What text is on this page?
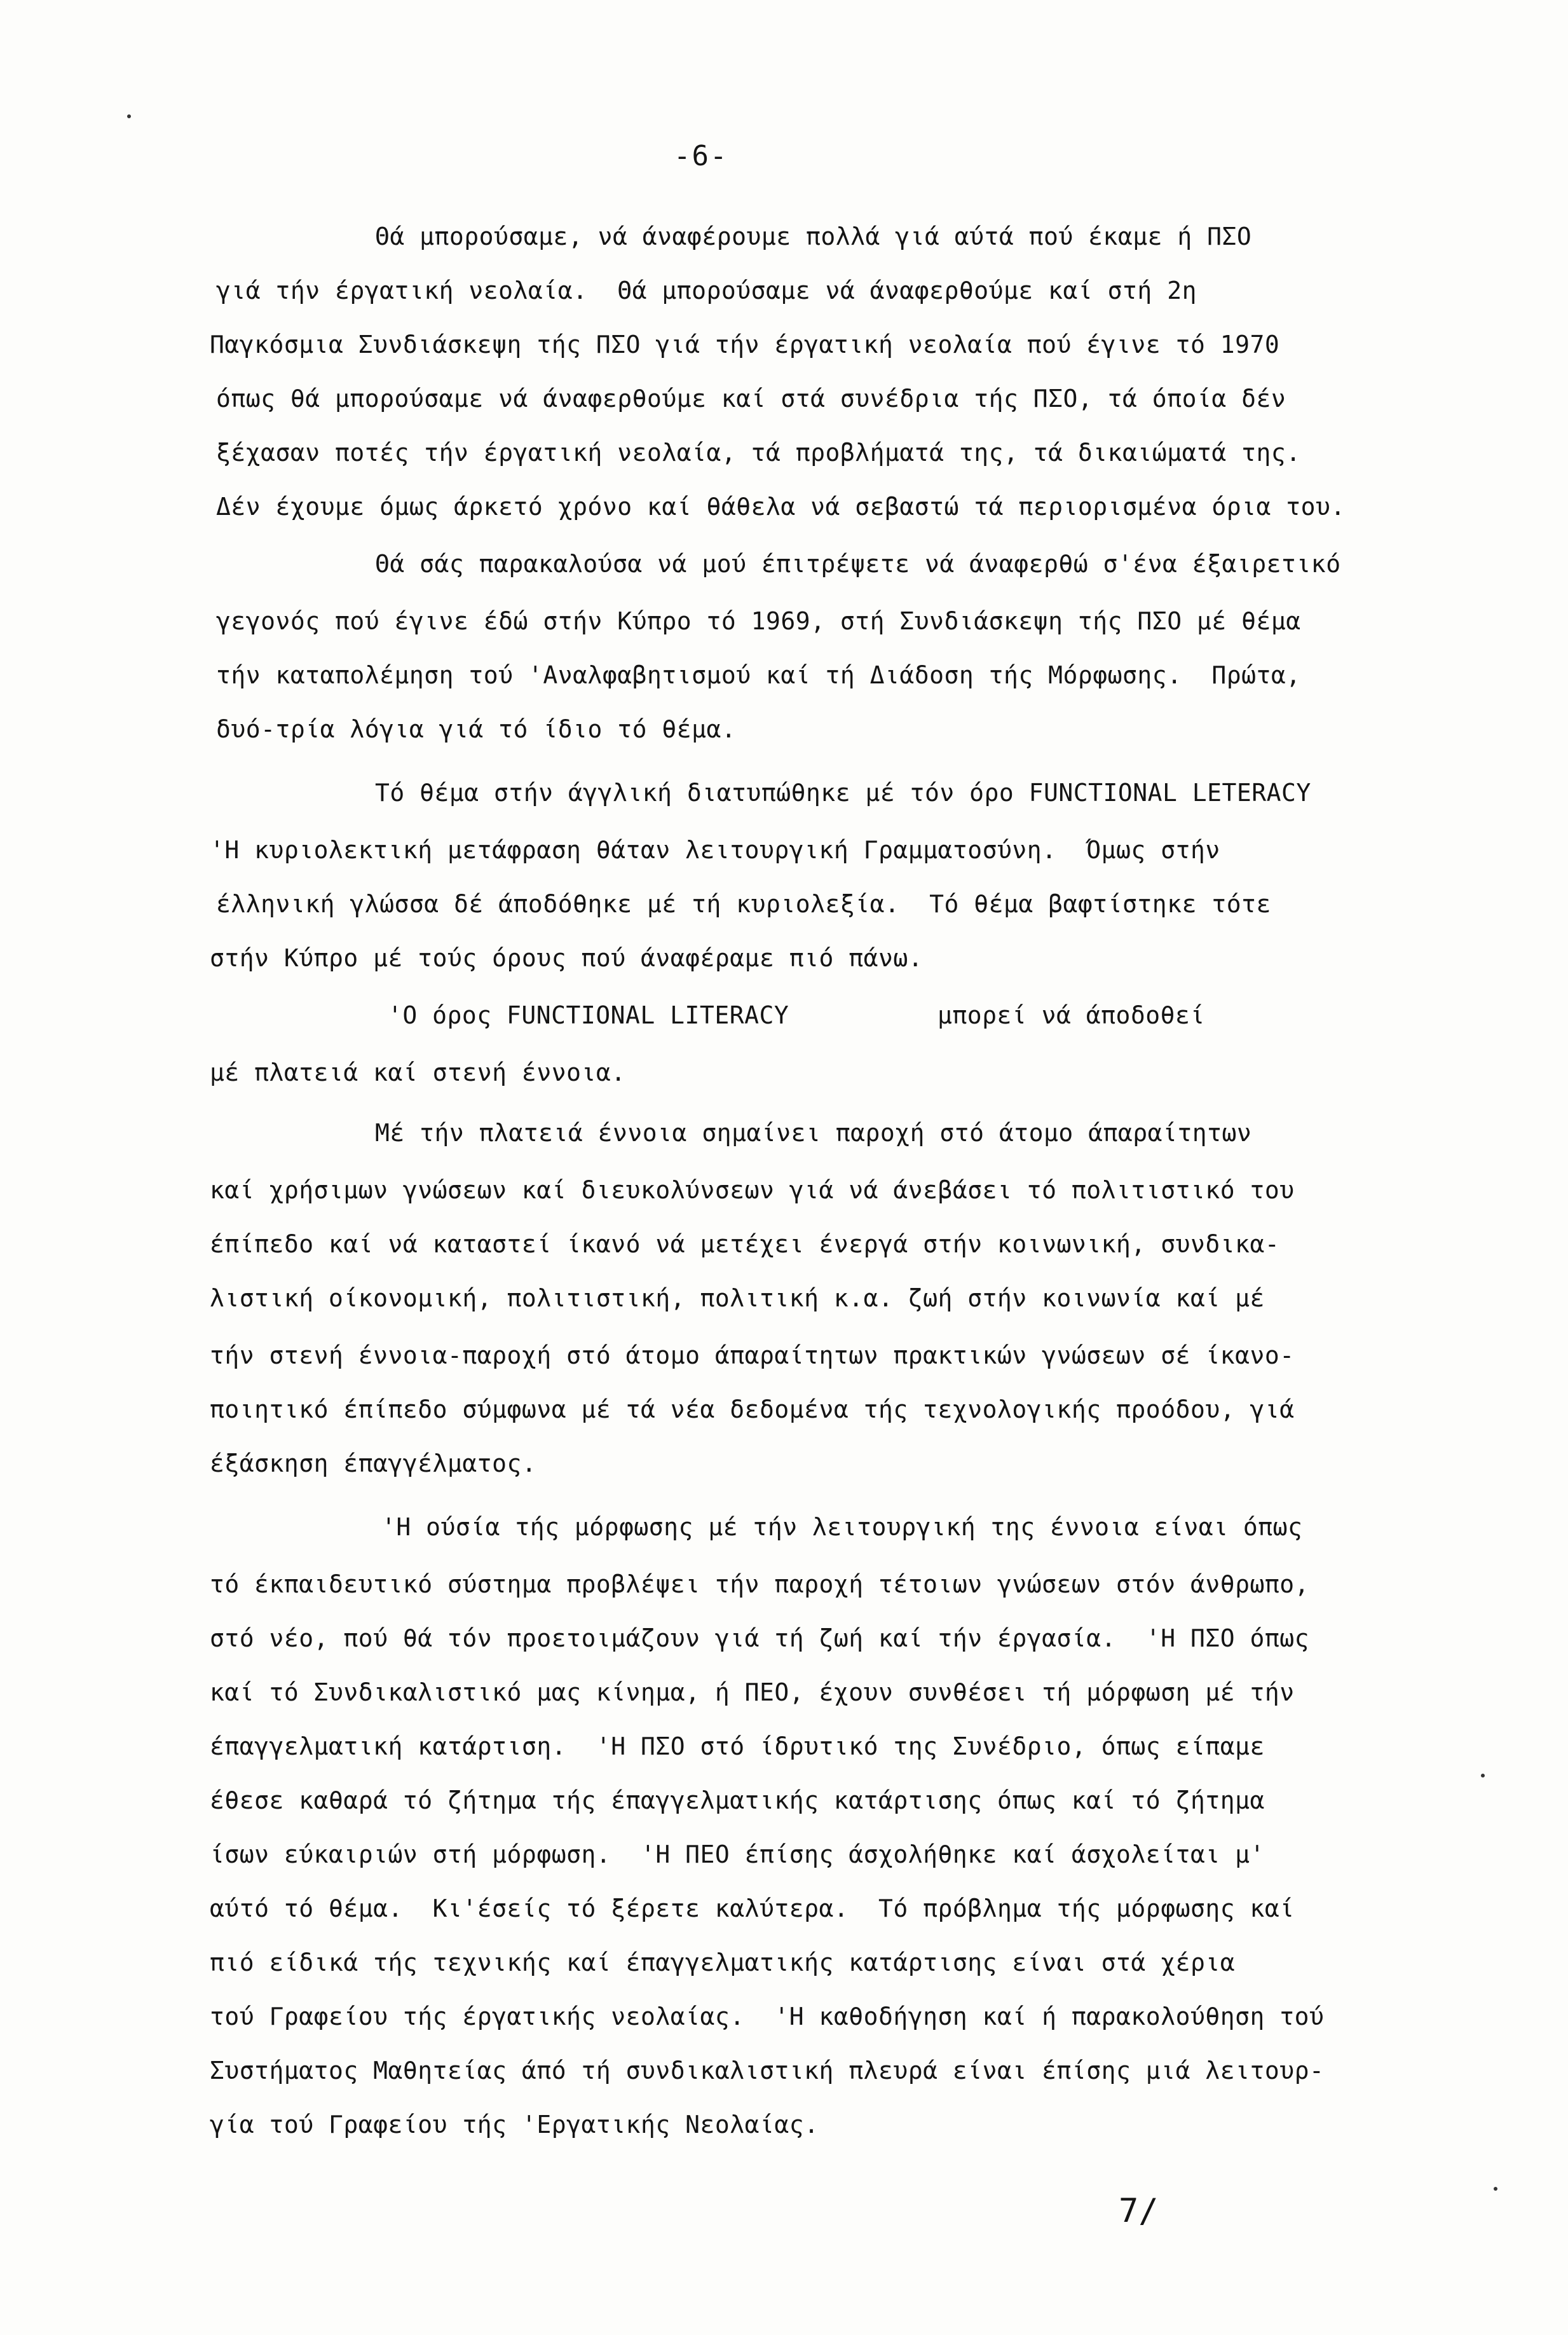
-6-
Θά μπορούσαμε, νά άναφέρουμε πολλά γιά αύτά πού έκαμε ή ΠΣΟ
γιά τήν έργατική νεολαία.  Θά μπορούσαμε νά άναφερθούμε καί στή 2η
Παγκόσμια Συνδιάσκεψη τής ΠΣΟ γιά τήν έργατική νεολαία πού έγινε τό 1970
όπως θά μπορούσαμε νά άναφερθούμε καί στά συνέδρια τής ΠΣΟ, τά όποία δέν
ξέχασαν ποτές τήν έργατική νεολαία, τά προβλήματά της, τά δικαιώματά της.
Δέν έχουμε όμως άρκετό χρόνο καί θάθελα νά σεβαστώ τά περιορισμένα όρια του.
Θά σάς παρακαλούσα νά μού έπιτρέψετε νά άναφερθώ σ'ένα έξαιρετικό
γεγονός πού έγινε έδώ στήν Κύπρο τό 1969, στή Συνδιάσκεψη τής ΠΣΟ μέ θέμα
τήν καταπολέμηση τού 'Αναλφαβητισμού καί τή Διάδοση τής Μόρφωσης.  Πρώτα,
δυό-τρία λόγια γιά τό ίδιο τό θέμα.
Τό θέμα στήν άγγλική διατυπώθηκε μέ τόν όρο FUNCTIONAL LETERACY
'Η κυριολεκτική μετάφραση θάταν λειτουργική Γραμματοσύνη.  Όμως στήν
έλληνική γλώσσα δέ άποδόθηκε μέ τή κυριολεξία.  Τό θέμα βαφτίστηκε τότε
στήν Κύπρο μέ τούς όρους πού άναφέραμε πιό πάνω.
'Ο όρος FUNCTIONAL LITERACY          μπορεί νά άποδοθεί
μέ πλατειά καί στενή έννοια.
Μέ τήν πλατειά έννοια σημαίνει παροχή στό άτομο άπαραίτητων
καί χρήσιμων γνώσεων καί διευκολύνσεων γιά νά άνεβάσει τό πολιτιστικό του
έπίπεδο καί νά καταστεί ίκανό νά μετέχει ένεργά στήν κοινωνική, συνδικα-
λιστική οίκονομική, πολιτιστική, πολιτική κ.α. ζωή στήν κοινωνία καί μέ
τήν στενή έννοια-παροχή στό άτομο άπαραίτητων πρακτικών γνώσεων σέ ίκανο-
ποιητικό έπίπεδο σύμφωνα μέ τά νέα δεδομένα τής τεχνολογικής προόδου, γιά
έξάσκηση έπαγγέλματος.
'Η ούσία τής μόρφωσης μέ τήν λειτουργική της έννοια είναι όπως
τό έκπαιδευτικό σύστημα προβλέψει τήν παροχή τέτοιων γνώσεων στόν άνθρωπο,
στό νέο, πού θά τόν προετοιμάζουν γιά τή ζωή καί τήν έργασία.  'Η ΠΣΟ όπως
καί τό Συνδικαλιστικό μας κίνημα, ή ΠΕΟ, έχουν συνθέσει τή μόρφωση μέ τήν
έπαγγελματική κατάρτιση.  'Η ΠΣΟ στό ίδρυτικό της Συνέδριο, όπως είπαμε
έθεσε καθαρά τό ζήτημα τής έπαγγελματικής κατάρτισης όπως καί τό ζήτημα
ίσων εύκαιριών στή μόρφωση.  'Η ΠΕΟ έπίσης άσχολήθηκε καί άσχολείται μ'
αύτό τό θέμα.  Κι'έσείς τό ξέρετε καλύτερα.  Τό πρόβλημα τής μόρφωσης καί
πιό είδικά τής τεχνικής καί έπαγγελματικής κατάρτισης είναι στά χέρια
τού Γραφείου τής έργατικής νεολαίας.  'Η καθοδήγηση καί ή παρακολούθηση τού
Συστήματος Μαθητείας άπό τή συνδικαλιστική πλευρά είναι έπίσης μιά λειτουρ-
γία τού Γραφείου τής 'Εργατικής Νεολαίας.
7/
